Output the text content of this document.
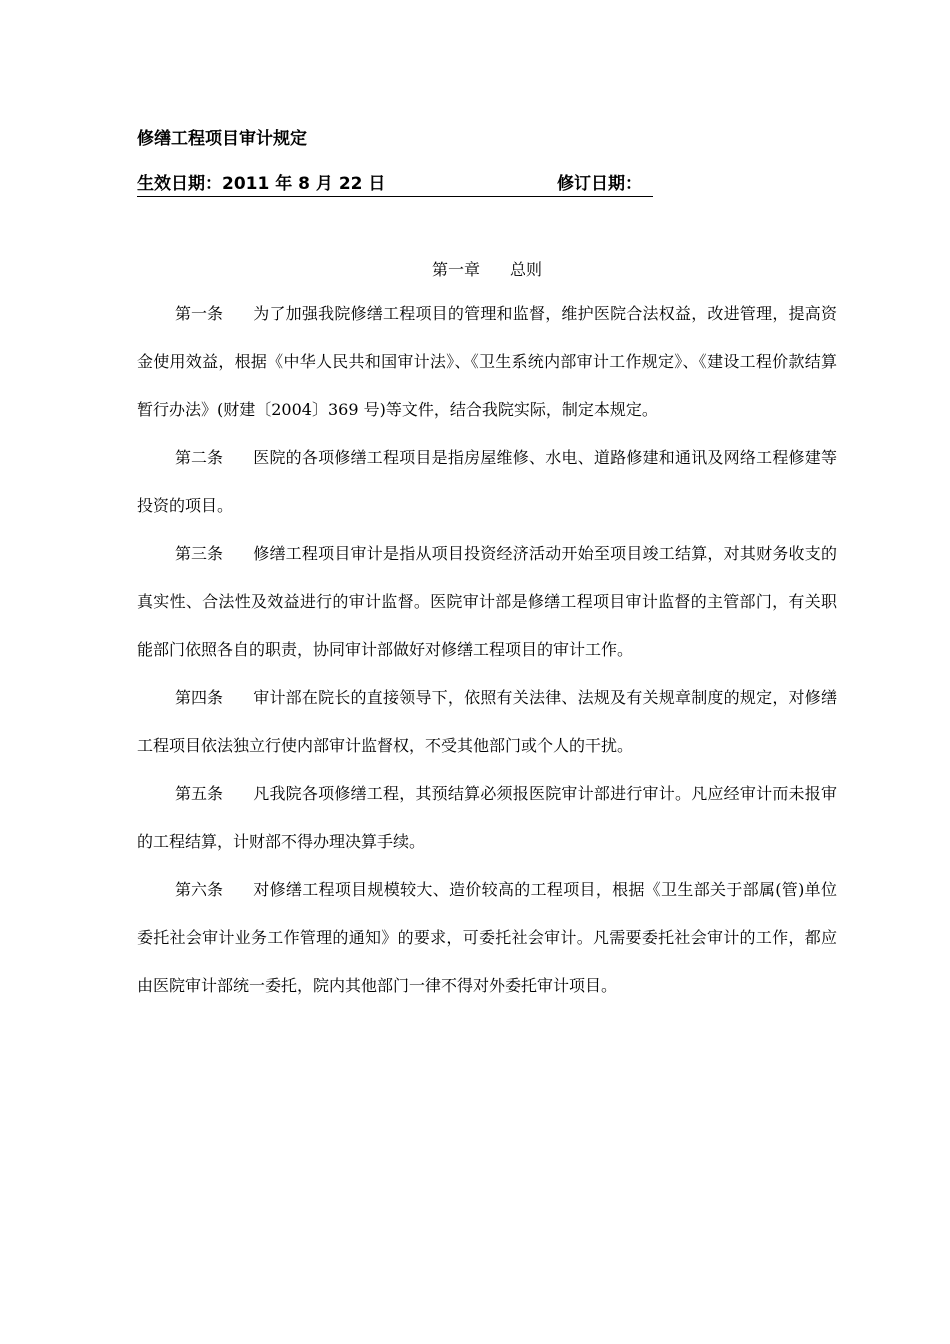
修缮工程项目审计规定
生效日期：2011 年 8 月 22 日	修订日期：
第一章 总则

第一条 为了加强我院修缮工程项目的管理和监督，维护医院合法权益，改进管理，提高资金使用效益，根据《中华人民共和国审计法》、《卫生系统内部审计工作规定》、《建设工程价款结算暂行办法》(财建〔2004〕369 号)等文件，结合我院实际，制定本规定。

第二条 医院的各项修缮工程项目是指房屋维修、水电、道路修建和通讯及网络工程修建等投资的项目。

第三条 修缮工程项目审计是指从项目投资经济活动开始至项目竣工结算，对其财务收支的真实性、合法性及效益进行的审计监督。医院审计部是修缮工程项目审计监督的主管部门，有关职能部门依照各自的职责，协同审计部做好对修缮工程项目的审计工作。

第四条 审计部在院长的直接领导下，依照有关法律、法规及有关规章制度的规定，对修缮工程项目依法独立行使内部审计监督权，不受其他部门或个人的干扰。

第五条 凡我院各项修缮工程，其预结算必须报医院审计部进行审计。凡应经审计而未报审的工程结算，计财部不得办理决算手续。

第六条 对修缮工程项目规模较大、造价较高的工程项目，根据《卫生部关于部属(管)单位委托社会审计业务工作管理的通知》的要求，可委托社会审计。凡需要委托社会审计的工作，都应由医院审计部统一委托，院内其他部门一律不得对外委托审计项目。
